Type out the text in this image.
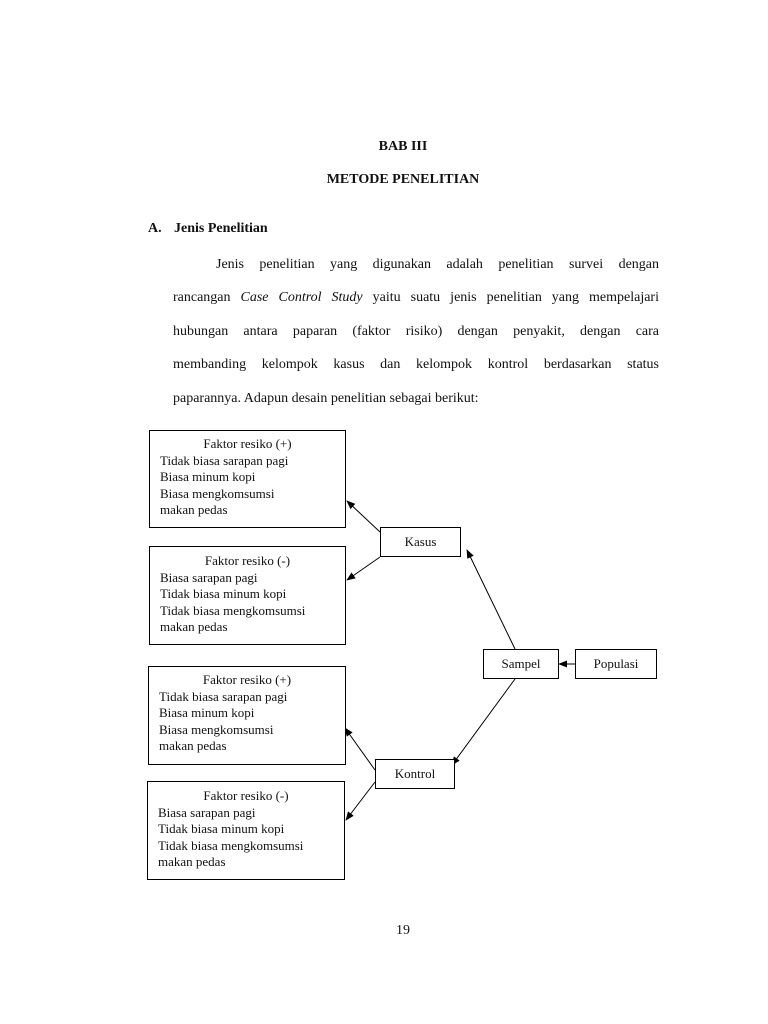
BAB III
METODE PENELITIAN
A. Jenis Penelitian
Jenis penelitian yang digunakan adalah penelitian survei dengan
rancangan Case Control Study yaitu suatu jenis penelitian yang mempelajari
hubungan antara paparan (faktor risiko) dengan penyakit, dengan cara
membanding kelompok kasus dan kelompok kontrol berdasarkan status
paparannya. Adapun desain penelitian sebagai berikut:
Faktor resiko (+)
Tidak biasa sarapan pagi
Biasa minum kopi
Biasa mengkomsumsi
makan pedas
Faktor resiko (-)
Biasa sarapan pagi
Tidak biasa minum kopi
Tidak biasa mengkomsumsi
makan pedas
Faktor resiko (+)
Tidak biasa sarapan pagi
Biasa minum kopi
Biasa mengkomsumsi
makan pedas
Faktor resiko (-)
Biasa sarapan pagi
Tidak biasa minum kopi
Tidak biasa mengkomsumsi
makan pedas
Kasus
Kontrol
Sampel	Populasi
19
